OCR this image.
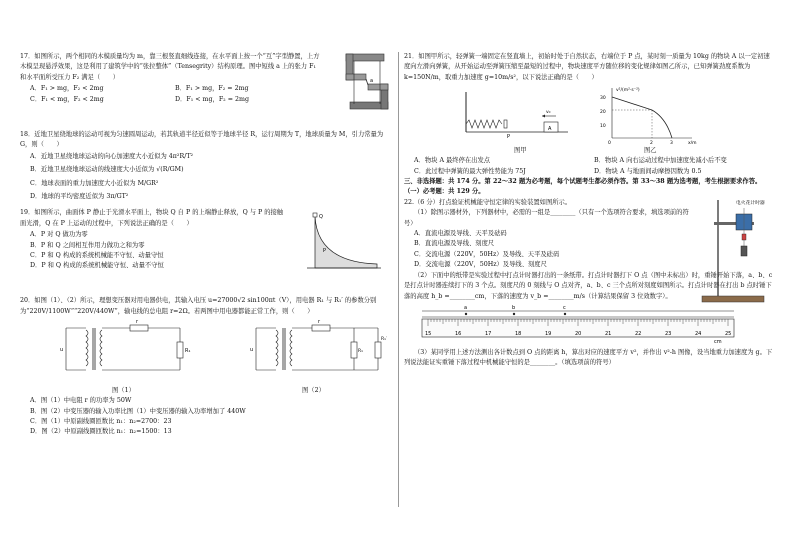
17．如图所示，两个相同的木模质量均为 m，靠三根竖直细线连接，在水平面上按一个“互”字型静置，上方木模呈现悬浮效果，这是利用了建筑学中的“张拉整体”（Tensegrity）结构原理。图中短线 a 上的张力 F₁ 和水平面所受压力 F₂ 满足（　　）

A．F₁ > mg，F₂ < 2mg	B．F₁ > mg，F₂ = 2mg
C．F₁ < mg，F₂ < 2mg	D．F₁ < mg，F₂ = 2mg
a

18．近地卫星绕地球的运动可视为匀速圆周运动，若其轨道半径近似等于地球半径 R，运行周期为 T，地球质量为 M，引力常量为 G，则（　　）

A．近地卫星绕地球运动的向心加速度大小近似为 4π²R/T²
B．近地卫星绕地球运动的线速度大小近似为 √(R/GM)
C．地球表面的重力加速度大小近似为 M/GR²
D．地球的平均密度近似为 3π/GT²

19．如图所示，曲面体 P 静止于光滑水平面上，物块 Q 自 P 的上端静止释放，Q 与 P 的接触面光滑，Q 在 P 上运动的过程中，下列说法正确的是（　　）

A．P 对 Q 做功为零
B．P 和 Q 之间相互作用力做功之和为零
C．P 和 Q 构成的系统机械能不守恒、动量守恒
D．P 和 Q 构成的系统机械能守恒、动量不守恒
Q
P

20．如图（1）、（2）所示，理想变压器对用电器供电，其输入电压 u=27000√2 sin100πt（V），用电器 R₁ 与 R₁′ 的参数分别为“220V/1100W”“220V/440W”，输电线的总电阻 r=2Ω。若两图中用电器都能正常工作，则（　　）

u
r
R₁	u
r
R₁
R₁′
图（1）	图（2）
A．图（1）中电阻 r 的功率为 50W
B．图（2）中变压器的输入功率比图（1）中变压器的输入功率增加了 440W
C．图（1）中原副线圈匝数比 n₁：n₂=2700：23
D．图（2）中原副线圈匝数比 n₁：n₂=1500：13

21．如图甲所示，轻弹簧一端固定在竖直墙上，初始时处于自然状态，右端位于 P 点，某时刻一质量为 10kg 的物块 A 以一定初速度向左滑向弹簧，从开始运动至弹簧压缩至最短的过程中，物块速度平方随位移的变化规律如图乙所示，已知弹簧劲度系数为 k=150N/m，取重力加速度 g=10m/s²，以下说法正确的是（　　）

P
A
v₀
v²/(m²·s⁻²)
x/m
30
20
10
0	2	3
图甲	图乙
A．物块 A 最终停在出发点	B．物块 A 向右运动过程中加速度先减小后不变
C．此过程中弹簧的最大弹性势能为 75J	D．物块 A 与地面间动摩擦因数为 0.5

三、非选择题：共 174 分。第 22～32 题为必考题，每个试题考生都必须作答。第 33～38 题为选考题，考生根据要求作答。

（一）必考题：共 129 分。

22.（6 分）打点验证机械能守恒定律的实验装置如图所示。

（1）除图示器材外，下列器材中，必需的一组是________（只有一个选项符合要求，填选项前的符号）

A．直流电源及导线、天平及砝码
B．直流电源及导线、刻度尺
C．交流电源（220V，50Hz）及导线、天平及砝码
D．交流电源（220V，50Hz）及导线、刻度尺

（2）下面中的纸带是实验过程中打点计时器打出的一条纸带。打点计时器打下 O 点（图中未标出）时，重锤开始下落，a、b、c 是打点计时器连续打下的 3 个点。刻度尺的 0 刻线与 O 点对齐，a、b、c 三个点所对刻度如图所示。打点计时器在打出 b 点时锤下落的高度 h_b =________cm，下落的速度为 v_b =________m/s（计算结果保留 3 位效数字）。

a	b	c
15	16	17	18	19	20	21	22	23	24	25
cm

（3）某同学用上述方法测出各计数点到 O 点的距离 h，算出对应的速度平方 v²，并作出 v²-h 图像，设当地重力加速度为 g。下列说法能证实重锤下落过程中机械能守恒的是________。（填选项前的符号）

电火花计时器
